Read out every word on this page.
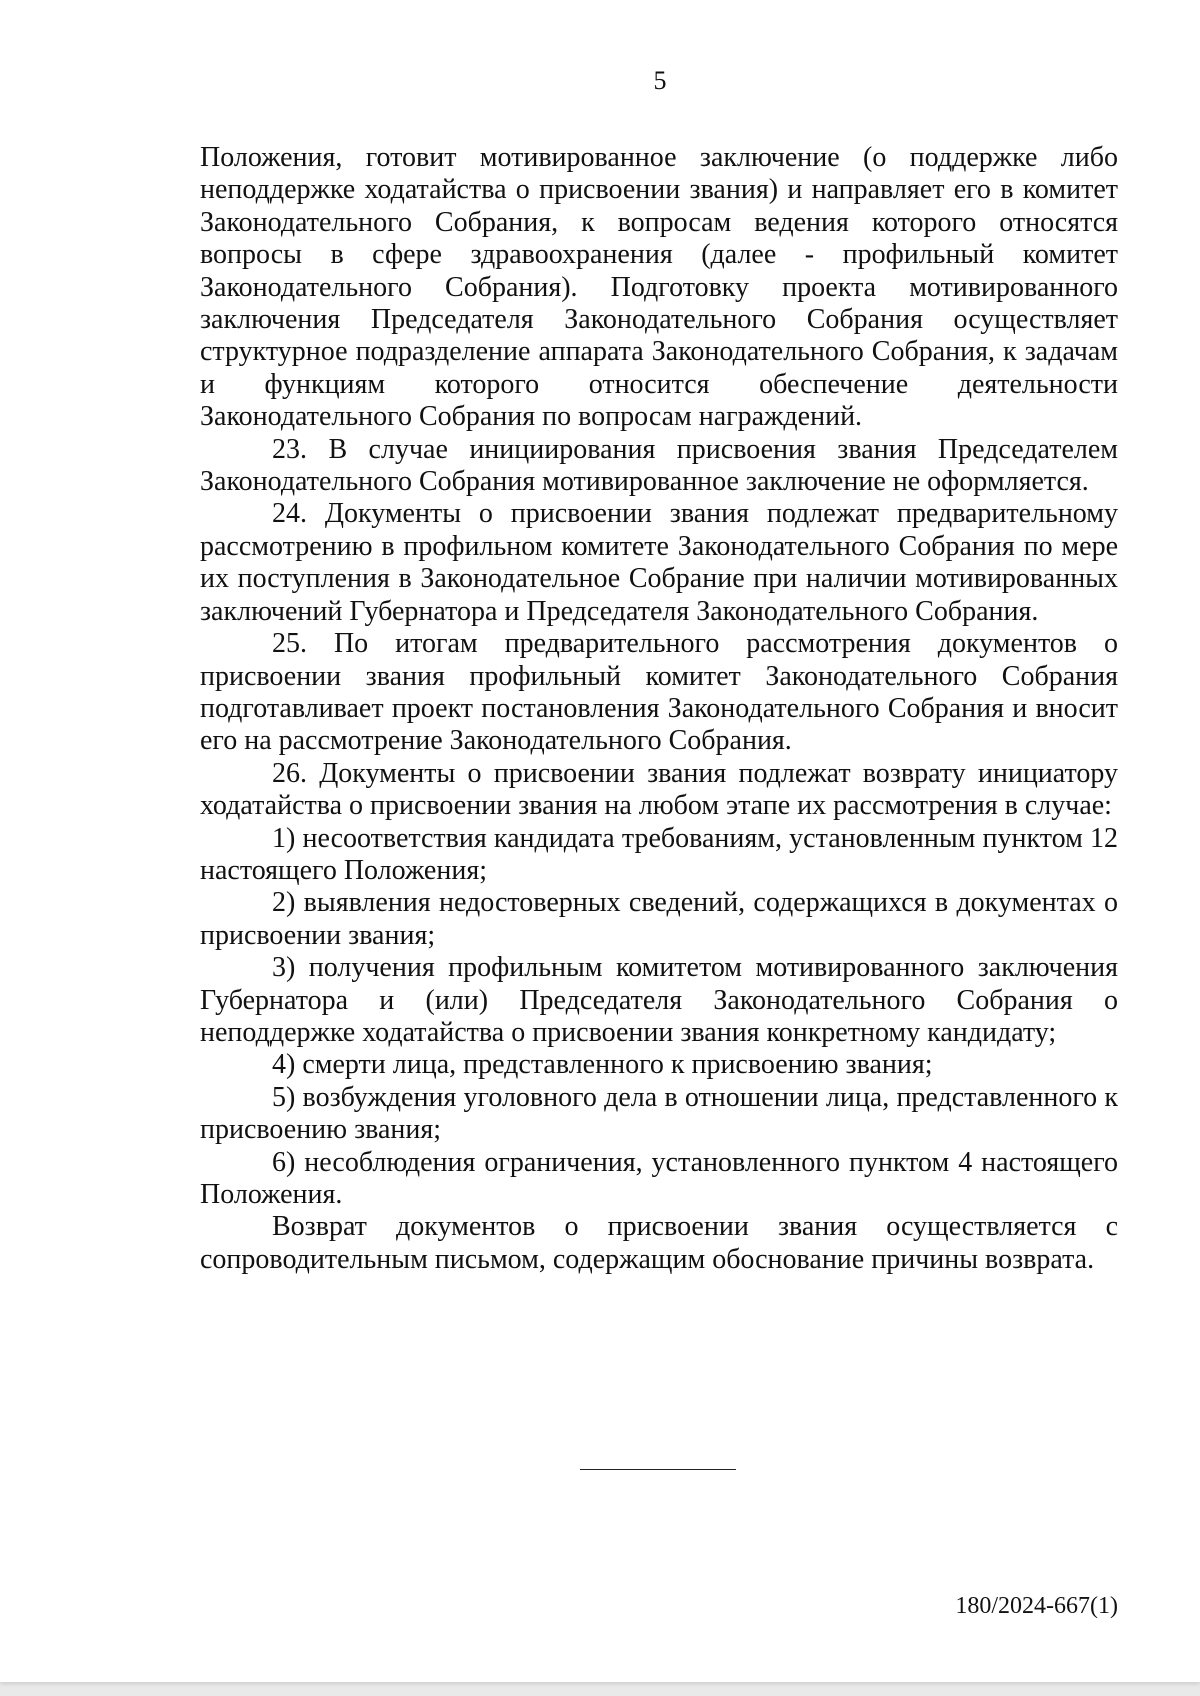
5

Положения, готовит мотивированное заключение (о поддержке либо неподдержке ходатайства о присвоении звания) и направляет его в комитет Законодательного Собрания, к вопросам ведения которого относятся вопросы в сфере здравоохранения (далее - профильный комитет Законодательного Собрания). Подготовку проекта мотивированного заключения Председателя Законодательного Собрания осуществляет структурное подразделение аппарата Законодательного Собрания, к задачам и функциям которого относится обеспечение деятельности Законодательного Собрания по вопросам награждений.

23. В случае инициирования присвоения звания Председателем Законодательного Собрания мотивированное заключение не оформляется.

24. Документы о присвоении звания подлежат предварительному рассмотрению в профильном комитете Законодательного Собрания по мере их поступления в Законодательное Собрание при наличии мотивированных заключений Губернатора и Председателя Законодательного Собрания.

25. По итогам предварительного рассмотрения документов о присвоении звания профильный комитет Законодательного Собрания подготавливает проект постановления Законодательного Собрания и вносит его на рассмотрение Законодательного Собрания.

26. Документы о присвоении звания подлежат возврату инициатору ходатайства о присвоении звания на любом этапе их рассмотрения в случае:

1) несоответствия кандидата требованиям, установленным пунктом 12 настоящего Положения;

2) выявления недостоверных сведений, содержащихся в документах о присвоении звания;

3) получения профильным комитетом мотивированного заключения Губернатора и (или) Председателя Законодательного Собрания о неподдержке ходатайства о присвоении звания конкретному кандидату;

4) смерти лица, представленного к присвоению звания;

5) возбуждения уголовного дела в отношении лица, представленного к присвоению звания;

6) несоблюдения ограничения, установленного пунктом 4 настоящего Положения.

Возврат документов о присвоении звания осуществляется с сопроводительным письмом, содержащим обоснование причины возврата.

180/2024-667(1)
